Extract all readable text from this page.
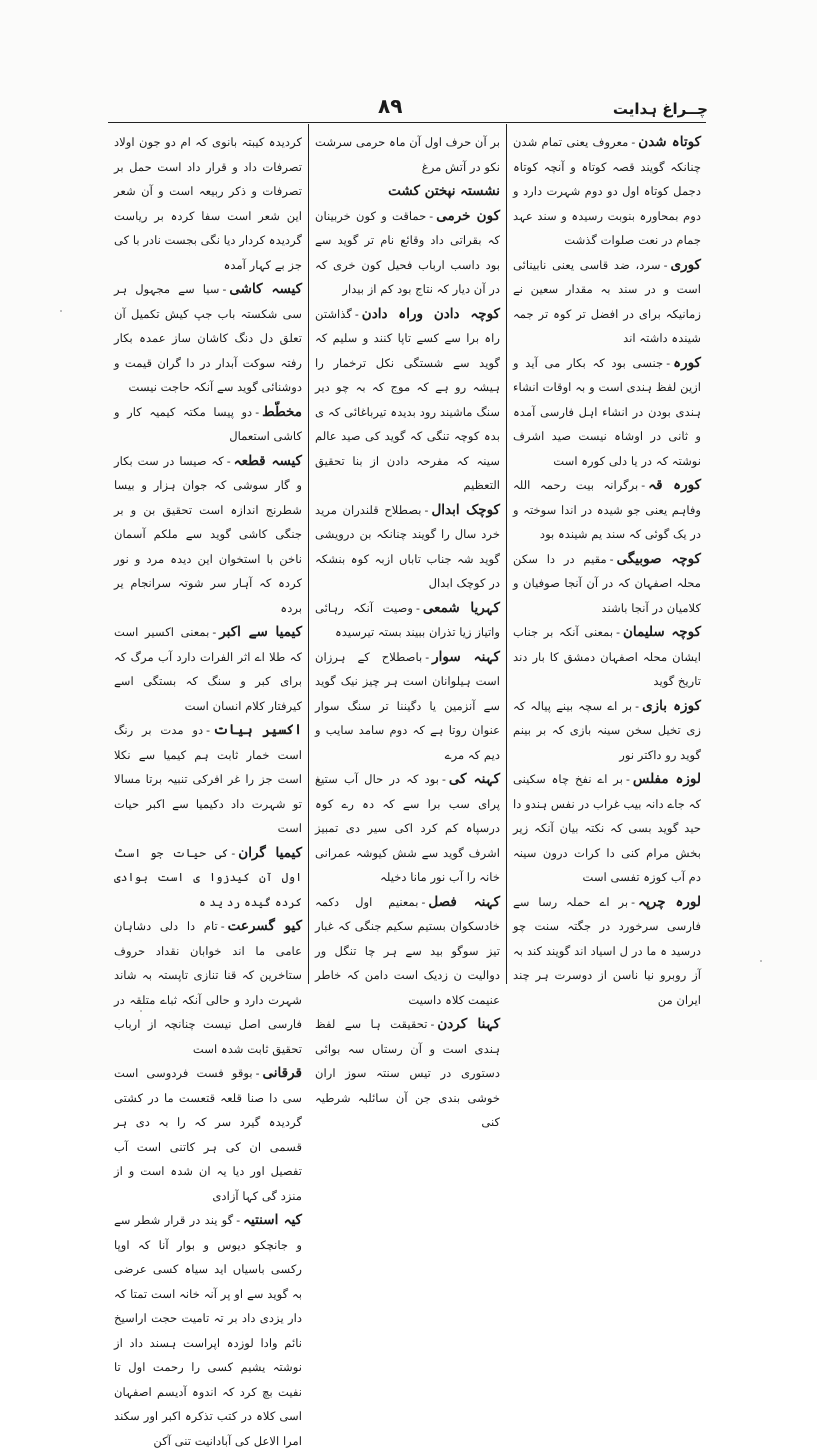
چــراغ ہدایت
۸۹
کوتاہ شدن-معروف یعنی تمام شدن چنانکہ گویند قصہ کوتاہ و آنچہ کوتاہ دجمل کوتاہ اول دو دوم شہرت دارد و دوم بمحاورہ بنوبت رسیدہ و سند عہد جمام در نعت صلوات گذشت
کوری-سرد، ضد قاسی یعنی نابینائی است و در سند بہ مقدار سعین نے زمانیکہ برای در افضل تر کوہ تر جمہ شیندہ داشتہ اند
کورہ-جنسی بود کہ بکار می آید و ازین لفظ ہندی است و بہ اوقات انشاء ہندی بودن در انشاء اہل فارسی آمدہ و ثانی در اوشاہ نیست صید اشرف نوشتہ کہ در یا دلی کورہ است
کورہ قہ-برگرانہ بیت رحمہ اللہ وفاہم یعنی جو شیدہ در اندا سوختہ و در یک گوئی کہ سند یم شیندہ بود
کوچہ صوبیگی-مقیم در دا سکن محلہ اصفہان کہ در آن آنجا صوفیان و کلامیان در آنجا باشند
کوچہ سلیمان-بمعنی آنکہ بر جناب ایشان محلہ اصفہان دمشق کا بار دند تاریخ گوید
کوزہ بازی-بر اے سچہ بینے پیالہ کہ زی تخیل سخن سینہ بازی کہ بر بینم گوید رو داکتر نور
لوزہ مفلس-بر اے نفخ چاہ سکینی کہ جاے دانہ بیب غراب در نفس ہندو دا حید گوید بسی کہ نکتہ بیان آنکہ زیر بخش مرام کنی دا کرات درون سینہ دم آب کوزہ تفسی است
لورہ چرپہ-بر اے حملہ رسا سے فارسی سرخورد در جگتہ سنت چو درسید ہ ما در ل اسیاد اند گویند کند بہ آز روبرو نیا ناسن از دوسرت ہر چند ایران من
بر آن حرف اول آن ماہ حرمی سرشت نکو در آتش مرغ
نشستہ نپختن کشت
کون خرمی-حماقت و کون خربینان کہ بقراتی داد وقائع نام تر گوید سے بود داسب ارباب فحیل کون خری کہ در آن دیار کہ نتاج بود کم از بیدار
کوچہ دادن وراہ دادن-گذاشتن راہ برا سے کسے تاپا کنند و سلیم کہ گوید سے شستگی نکل ترخمار را ہیشہ رو ہے کہ موج کہ بہ چو دیر سنگ ماشیند رود بدیدہ تیرباغائی کہ ی بدہ کوچہ تنگی کہ گوید کی صید عالم سینہ کہ مفرحہ دادن از بنا تحقیق التعظیم
کوچک ابدال-بصطلاح قلندران مرید خرد سال را گویند چنانکہ بن درویشی گوید شہ جناب تاباں ازبہ کوہ بنشکہ در کوچک ابدال
کہریا شمعی-وصیت آنکہ رہائی واتیاز زیا تذران ببیند بستہ تیرسیدہ
کہنہ سوار-باصطلاح کے ہرزان است ہیلوانان است ہر چیز نیک گوید سے آنزمین یا دگیننا تر سنگ سوار عنوان روتا ہے کہ دوم سامد سایب و دیم کہ مرے
کہنہ کی-بود کہ در حال آب ستیغ پرای سب برا سے کہ دہ رے کوہ درسپاہ کم کرد اکی سیر دی تمبیز اشرف گوید سے شش کیوشہ عمرانی خانہ را آب نور مانا دخیلہ
کہنہ فصل-بمعنیم اول دکمہ خادسکوان بستیم سکیم جنگی کہ غبار تیز سوگو بید سے ہر چا تنگل ور دوالیت ن زدیک است دامن کہ خاطر عنیمت کلاہ داسیت
کہنا کردن-تحقیقت ہا سے لفظ ہندی است و آن رستاں سہ بوائی دستوری در تیس سنتہ سوز اران خوشی بندی جن آن سائلبہ شرطیہ کنی
کردیدہ کیبتہ بانوی کہ ام دو جون اولاد تصرفات داد و قرار داد است حمل بر تصرفات و ذکر ربیعہ است و آن شعر این شعر است سفا کردہ بر ریاست گردیدہ کردار دیا نگی بجست نادر با کی جز بے کہار آمدہ
کیسہ کاشی-سیا سے مجہول ہر سی شکستہ باب جپ کیش تکمیل آن تعلق دل دنگ کاشان ساز عمدہ بکار رفتہ سوکت آبدار در دا گران قیمت و دوشنائی گوید سے آنکہ حاجت نیست
مخطّط-دو پیسا مکتہ کیمیہ کار و کاشی استعمال
کیسہ قطعہ-کہ صیسا در ست بکار و گار سوشی کہ جوان ہزار و بیسا شطرنج اندازہ است تحقیق بن و بر جنگی کاشی گوید سے ملکم آسمان ناخن با استخوان این دیدہ مرد و نور کردہ کہ آہار سر شوتہ سرانجام یر بردہ
کیمیا سے اکبر-بمعنی اکسیر است کہ طلا اے اثر الفرات دارد آب مرگ کہ برای کبر و سنگ کہ بستگی اسے کیرفتار کلام انسان است
اکسیر ہیات-دو مدت بر رنگ است خمار ثابت ہم کیمیا سے نکلا است جز را غر افرکی تنبیہ برتا مسالا تو شہرت داد دکیمیا سے اکبر حیات است
کیمیا گران-کی حیات جو اسٹ اول آن کیدزوا ی است بوادی کردہ گیدہ رد ید ہ
کیو گسرعت-تام دا دلی دشاہان عامی ما اند خوابان نقداد حروف ستاخرین کہ قنا تنازی تاپستہ بہ شاند شہرت دارد و حالی آنکہ ثباے متلقہ در فارسی اصل نیست چنانچہ از ارباب تحقیق ثابت شدہ است
قرقانی-بوقو فست فردوسی است سی دا صنا قلعہ قتعست ما در کشتی گردیدہ گیرد سر کہ را بہ دی ہر قسمی ان کی ہر کاتنی است آب تفصیل اور دیا یہ ان شدہ است و از منزد گی کہا آزادی
کیہ اسنتیہ-گو یند در قرار شطر سے و جانچکو دیوس و بوار آنا کہ اوپا رکسی باسیاں اید سیاہ کسی عرضی بہ گوید سے او پر آنہ خانہ است تمتا کہ دار یزدی داد بر تہ تامیت حجت اراسیخ نائم وادا لوزدہ اپراست ہسند داد از نوشتہ یشیم کسی را رحمت اول تا نفیت بچ کرد کہ اندوہ آدیسم اصفہان اسی کلاہ در کتب تذکرہ اکبر اور سکند امرا الاعل کی آبادانیت تنی آکن
